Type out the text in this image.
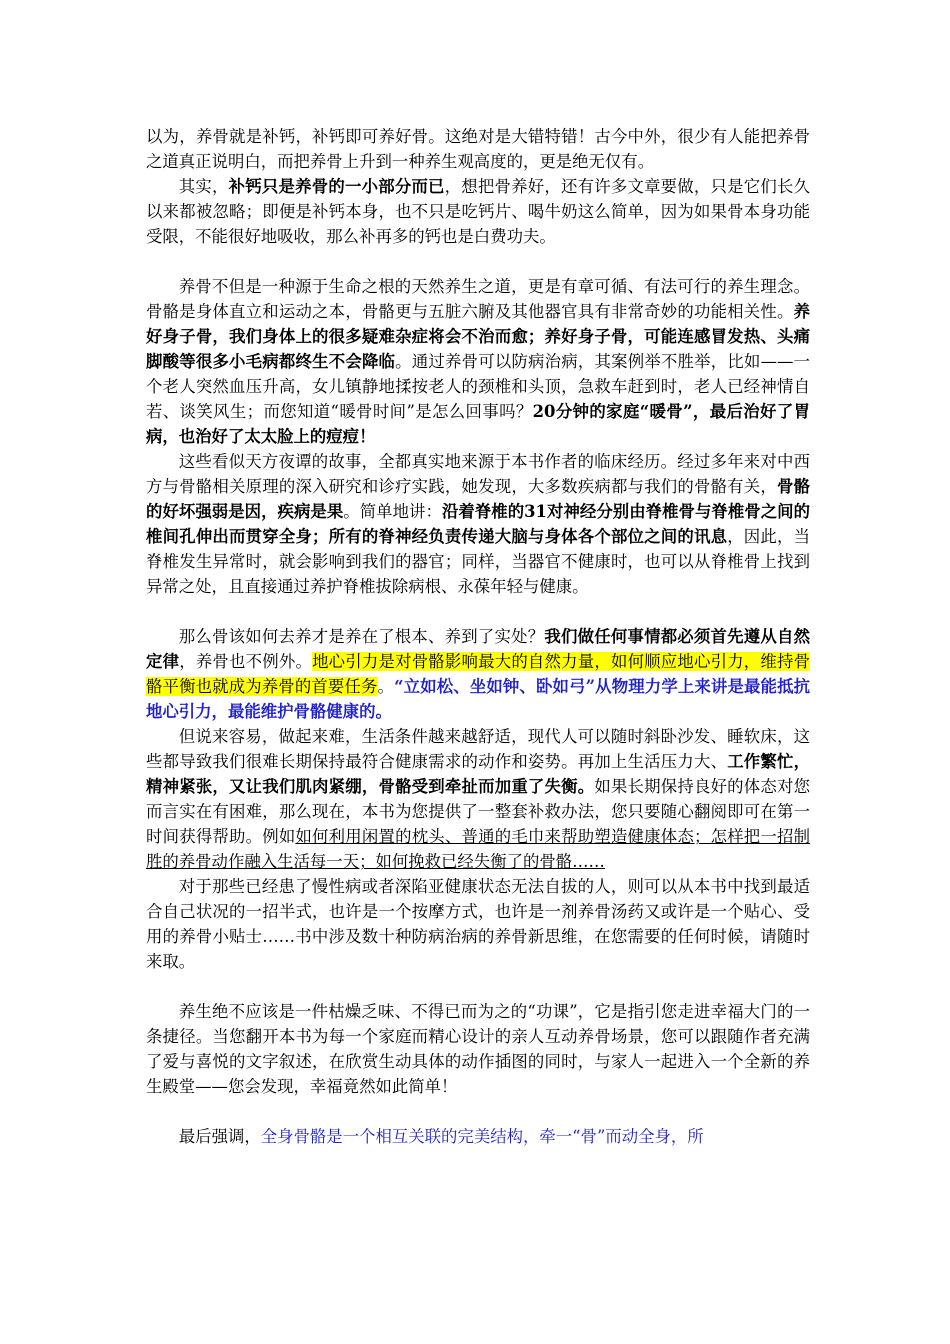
以为，养骨就是补钙，补钙即可养好骨。这绝对是大错特错！古今中外，很少有人能把养骨之道真正说明白，而把养骨上升到一种养生观高度的，更是绝无仅有。

其实，补钙只是养骨的一小部分而已，想把骨养好，还有许多文章要做，只是它们长久以来都被忽略；即便是补钙本身，也不只是吃钙片、喝牛奶这么简单，因为如果骨本身功能受限，不能很好地吸收，那么补再多的钙也是白费功夫。

养骨不但是一种源于生命之根的天然养生之道，更是有章可循、有法可行的养生理念。骨骼是身体直立和运动之本，骨骼更与五脏六腑及其他器官具有非常奇妙的功能相关性。养好身子骨，我们身体上的很多疑难杂症将会不治而愈；养好身子骨，可能连感冒发热、头痛脚酸等很多小毛病都终生不会降临。通过养骨可以防病治病，其案例举不胜举，比如——一个老人突然血压升高，女儿镇静地揉按老人的颈椎和头顶，急救车赶到时，老人已经神情自若、谈笑风生；而您知道“暖骨时间”是怎么回事吗？20分钟的家庭“暖骨”，最后治好了胃病，也治好了太太脸上的痘痘！

这些看似天方夜谭的故事，全都真实地来源于本书作者的临床经历。经过多年来对中西方与骨骼相关原理的深入研究和诊疗实践，她发现，大多数疾病都与我们的骨骼有关，骨骼的好坏强弱是因，疾病是果。简单地讲：沿着脊椎的31对神经分别由脊椎骨与脊椎骨之间的椎间孔伸出而贯穿全身；所有的脊神经负责传递大脑与身体各个部位之间的讯息，因此，当脊椎发生异常时，就会影响到我们的器官；同样，当器官不健康时，也可以从脊椎骨上找到异常之处，且直接通过养护脊椎拔除病根、永葆年轻与健康。

那么骨该如何去养才是养在了根本、养到了实处？我们做任何事情都必须首先遵从自然定律，养骨也不例外。地心引力是对骨骼影响最大的自然力量，如何顺应地心引力，维持骨骼平衡也就成为养骨的首要任务。“立如松、坐如钟、卧如弓”从物理力学上来讲是最能抵抗地心引力，最能维护骨骼健康的。

但说来容易，做起来难，生活条件越来越舒适，现代人可以随时斜卧沙发、睡软床，这些都导致我们很难长期保持最符合健康需求的动作和姿势。再加上生活压力大、工作繁忙，精神紧张，又让我们肌肉紧绷，骨骼受到牵扯而加重了失衡。如果长期保持良好的体态对您而言实在有困难，那么现在，本书为您提供了一整套补救办法，您只要随心翻阅即可在第一时间获得帮助。例如如何利用闲置的枕头、普通的毛巾来帮助塑造健康体态；怎样把一招制胜的养骨动作融入生活每一天；如何挽救已经失衡了的骨骼……

对于那些已经患了慢性病或者深陷亚健康状态无法自拔的人，则可以从本书中找到最适合自己状况的一招半式，也许是一个按摩方式，也许是一剂养骨汤药又或许是一个贴心、受用的养骨小贴士……书中涉及数十种防病治病的养骨新思维，在您需要的任何时候，请随时来取。

养生绝不应该是一件枯燥乏味、不得已而为之的“功课”，它是指引您走进幸福大门的一条捷径。当您翻开本书为每一个家庭而精心设计的亲人互动养骨场景，您可以跟随作者充满了爱与喜悦的文字叙述，在欣赏生动具体的动作插图的同时，与家人一起进入一个全新的养生殿堂——您会发现，幸福竟然如此简单！

最后强调，全身骨骼是一个相互关联的完美结构，牵一“骨”而动全身，所
